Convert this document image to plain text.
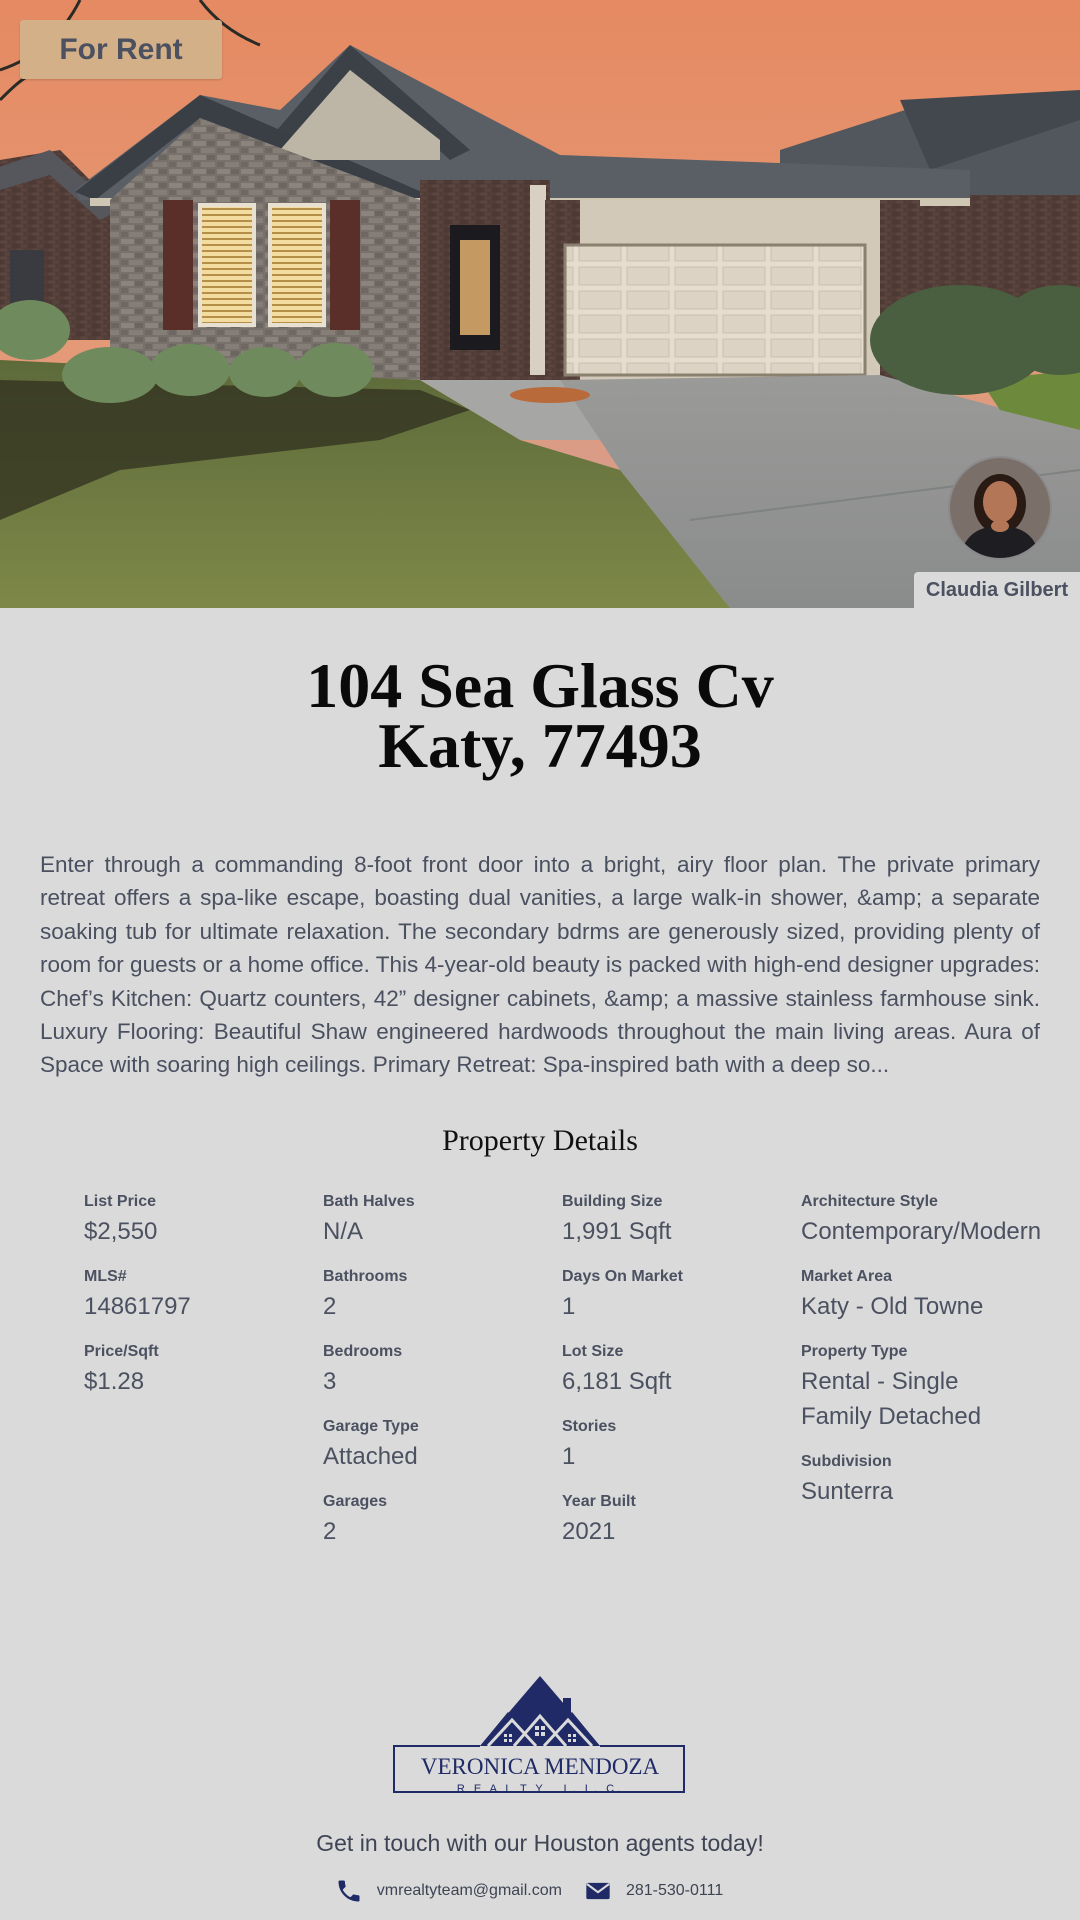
For Rent
Claudia Gilbert
104 Sea Glass Cv
Katy, 77493
Enter through a commanding 8-foot front door into a bright, airy floor plan. The private primary retreat offers a spa-like escape, boasting dual vanities, a large walk-in shower, &amp; a separate soaking tub for ultimate relaxation. The secondary bdrms are generously sized, providing plenty of room for guests or a home office. This 4-year-old beauty is packed with high-end designer upgrades: Chef’s Kitchen: Quartz counters, 42” designer cabinets, &amp; a massive stainless farmhouse sink. Luxury Flooring: Beautiful Shaw engineered hardwoods throughout the main living areas. Aura of Space with soaring high ceilings. Primary Retreat: Spa-inspired bath with a deep so...
Property Details
List Price
$2,550
MLS#
14861797
Price/Sqft
$1.28
Bath Halves
N/A
Bathrooms
2
Bedrooms
3
Garage Type
Attached
Garages
2
Building Size
1,991 Sqft
Days On Market
1
Lot Size
6,181 Sqft
Stories
1
Year Built
2021
Architecture Style
Contemporary/Modern
Market Area
Katy - Old Towne
Property Type
Rental - Single Family Detached
Subdivision
Sunterra
VERONICA MENDOZA
R E A L T Y   L. L. C.
Get in touch with our Houston agents today!
vmrealtyteam@gmail.com	281-530-0111
